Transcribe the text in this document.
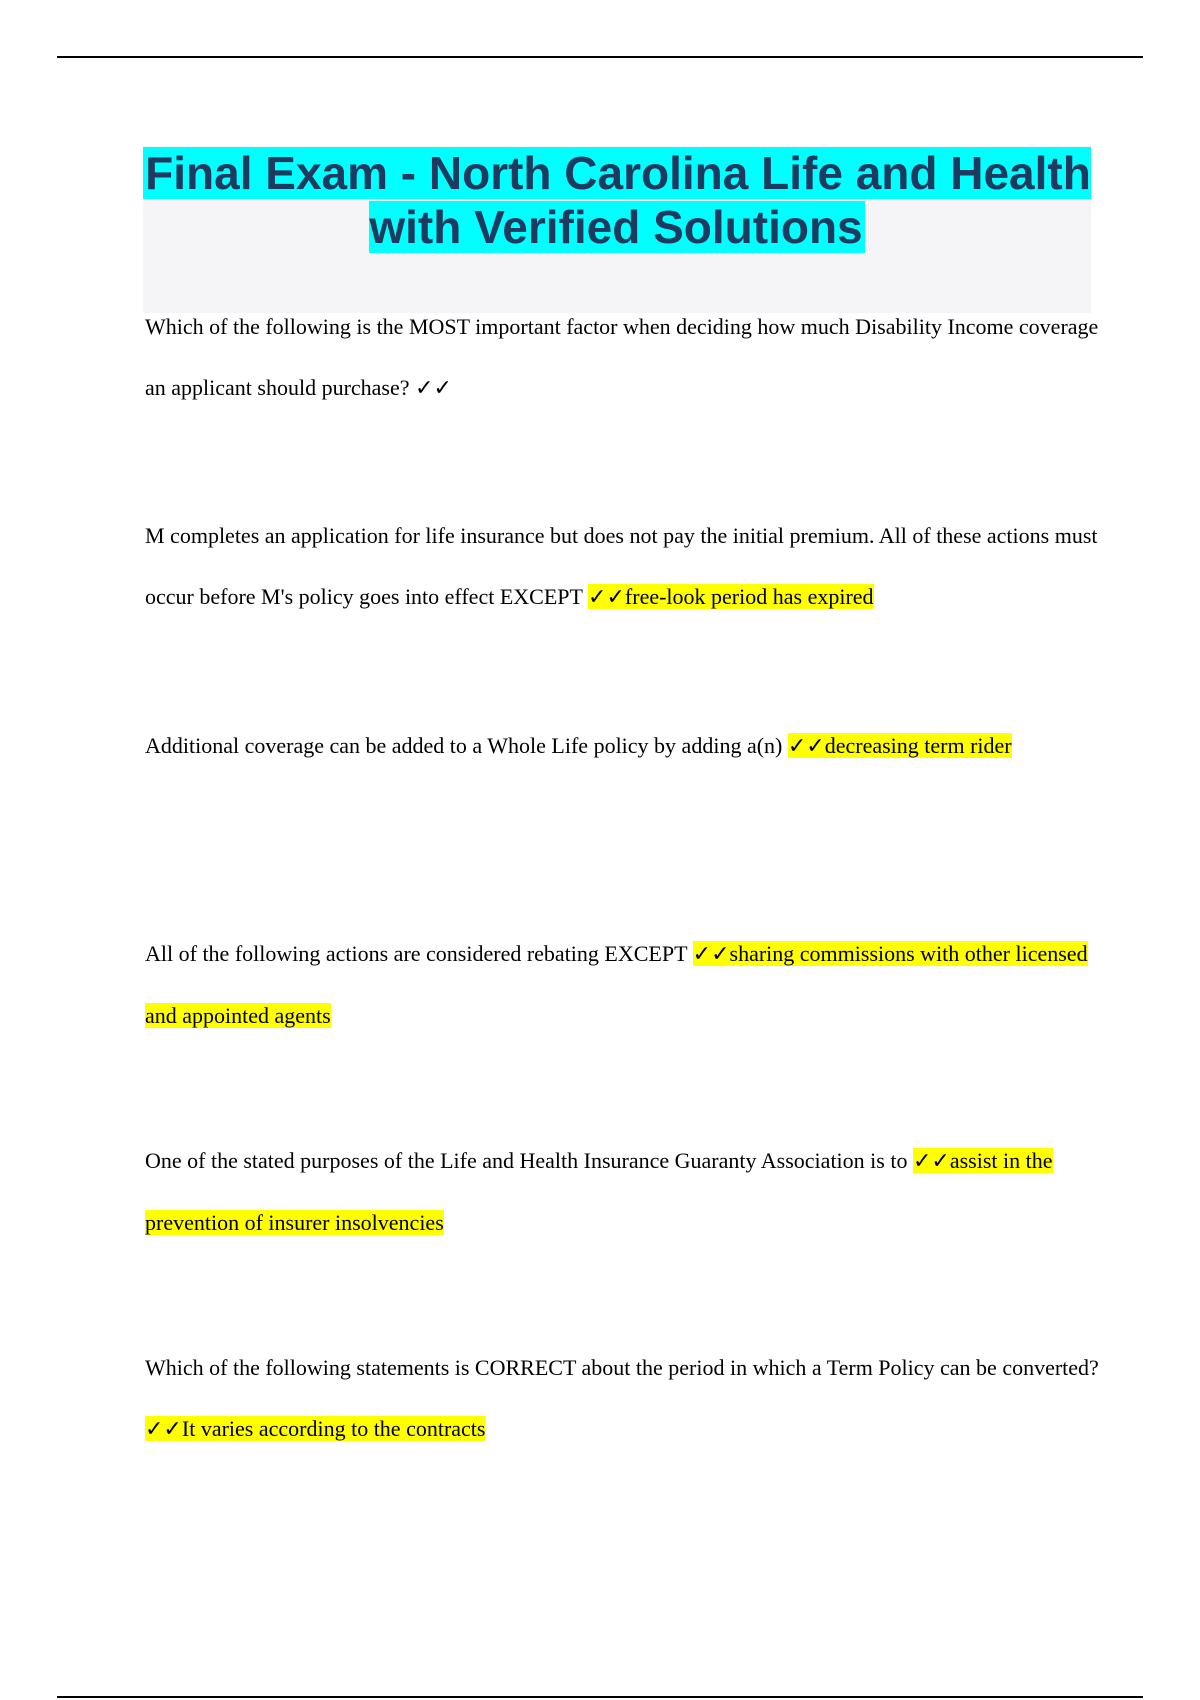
Final Exam - North Carolina Life and Health with Verified Solutions

Which of the following is the MOST important factor when deciding how much Disability Income coverage an applicant should purchase? ✓✓

M completes an application for life insurance but does not pay the initial premium. All of these actions must occur before M's policy goes into effect EXCEPT ✓✓free-look period has expired

Additional coverage can be added to a Whole Life policy by adding a(n) ✓✓decreasing term rider

All of the following actions are considered rebating EXCEPT ✓✓sharing commissions with other licensed and appointed agents

One of the stated purposes of the Life and Health Insurance Guaranty Association is to ✓✓assist in the prevention of insurer insolvencies

Which of the following statements is CORRECT about the period in which a Term Policy can be converted? ✓✓It varies according to the contracts
